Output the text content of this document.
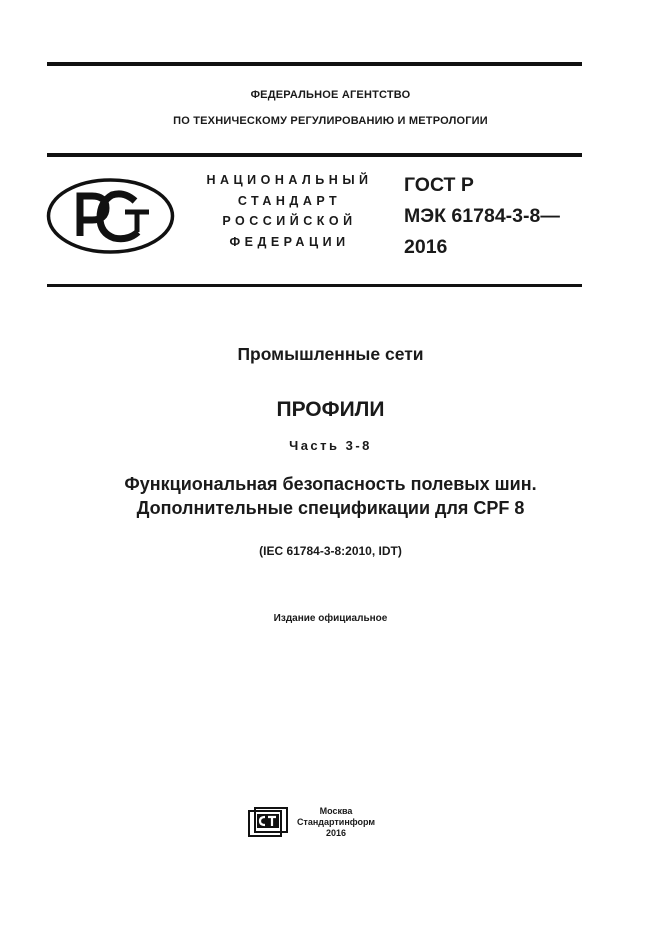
ФЕДЕРАЛЬНОЕ АГЕНТСТВО
ПО ТЕХНИЧЕСКОМУ РЕГУЛИРОВАНИЮ И МЕТРОЛОГИИ
НАЦИОНАЛЬНЫЙ
СТАНДАРТ
РОССИЙСКОЙ
ФЕДЕРАЦИИ
ГОСТ Р
МЭК 61784-3-8—
2016
Промышленные сети
ПРОФИЛИ
Часть 3-8
Функциональная безопасность полевых шин.
Дополнительные спецификации для CPF 8
(IEC 61784-3-8:2010, IDT)
Издание официальное
Москва
Стандартинформ
2016
